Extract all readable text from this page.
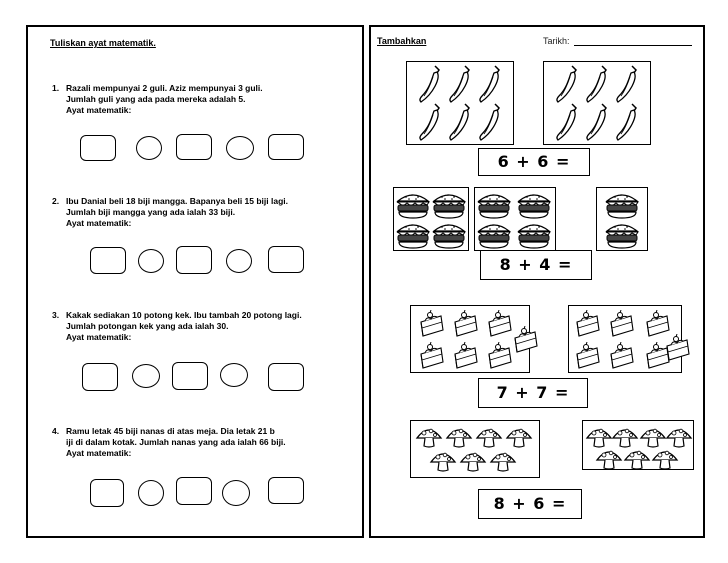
Tuliskan ayat matematik.
1. Razali mempunyai 2 guli. Aziz mempunyai 3 guli.
Jumlah guli yang ada pada mereka adalah 5.
Ayat matematik:
2. Ibu Danial beli 18 biji mangga. Bapanya beli 15 biji lagi.
Jumlah biji mangga yang ada ialah 33 biji.
Ayat matematik:
3. Kakak sediakan 10 potong kek. Ibu tambah 20 potong lagi.
Jumlah potongan kek yang ada ialah 30.
Ayat matematik:
4. Ramu letak 45 biji nanas di atas meja. Dia letak 21 b
iji di dalam kotak. Jumlah nanas yang ada ialah 66 biji.
Ayat matematik:
Tambahkan	Tarikh:
6 + 6 =
8 + 4 =
7 + 7 =
8 + 6 =
